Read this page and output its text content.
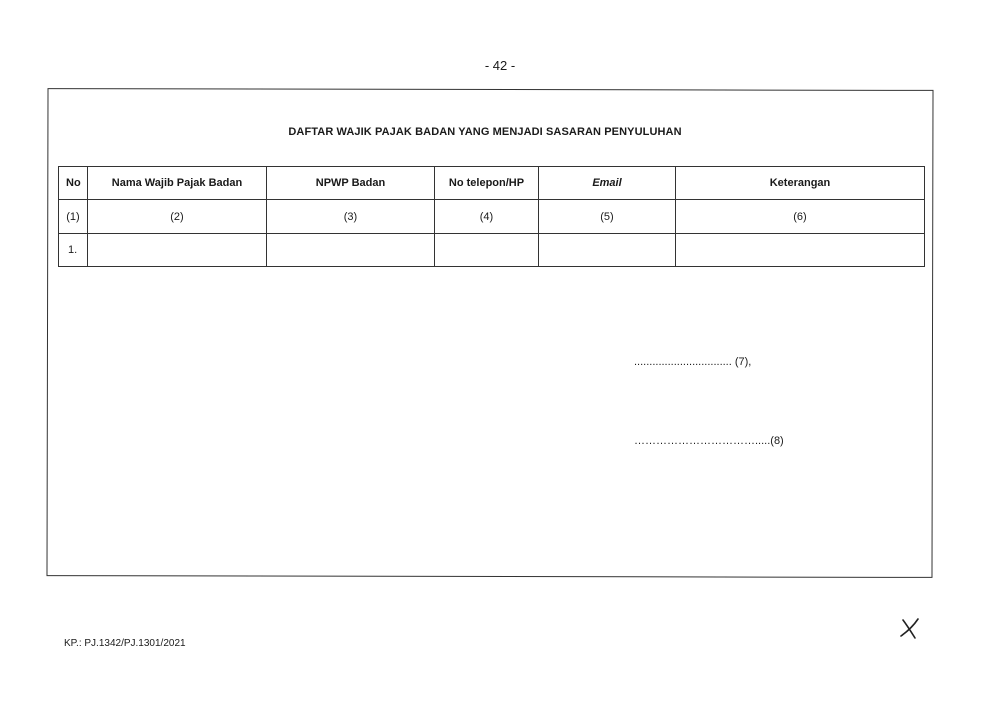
- 42 -
DAFTAR WAJIK PAJAK BADAN YANG MENJADI SASARAN PENYULUHAN
No	Nama Wajib Pajak Badan	NPWP Badan	No telepon/HP	Email	Keterangan
(1)	(2)	(3)	(4)	(5)	(6)
1.					
................................ (7),
…………………………….....(8)
KP.: PJ.1342/PJ.1301/2021
